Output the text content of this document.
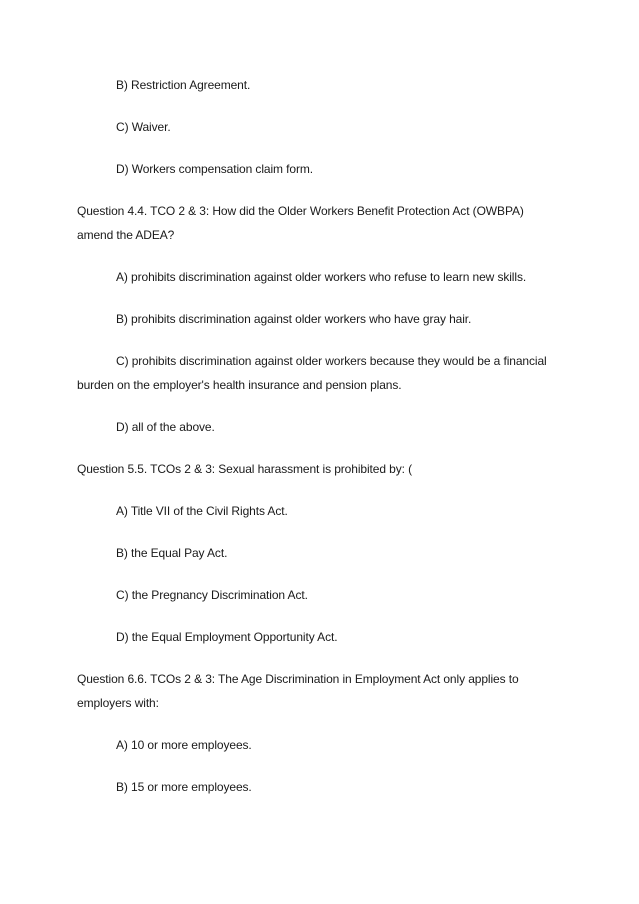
B) Restriction Agreement.
C) Waiver.
D) Workers compensation claim form.
Question 4.4. TCO 2 & 3: How did the Older Workers Benefit Protection Act (OWBPA)
amend the ADEA?
A) prohibits discrimination against older workers who refuse to learn new skills.
B) prohibits discrimination against older workers who have gray hair.
C) prohibits discrimination against older workers because they would be a financial
burden on the employer's health insurance and pension plans.
D) all of the above.
Question 5.5. TCOs 2 & 3: Sexual harassment is prohibited by: (
A) Title VII of the Civil Rights Act.
B) the Equal Pay Act.
C) the Pregnancy Discrimination Act.
D) the Equal Employment Opportunity Act.
Question 6.6. TCOs 2 & 3: The Age Discrimination in Employment Act only applies to
employers with:
A) 10 or more employees.
B) 15 or more employees.
